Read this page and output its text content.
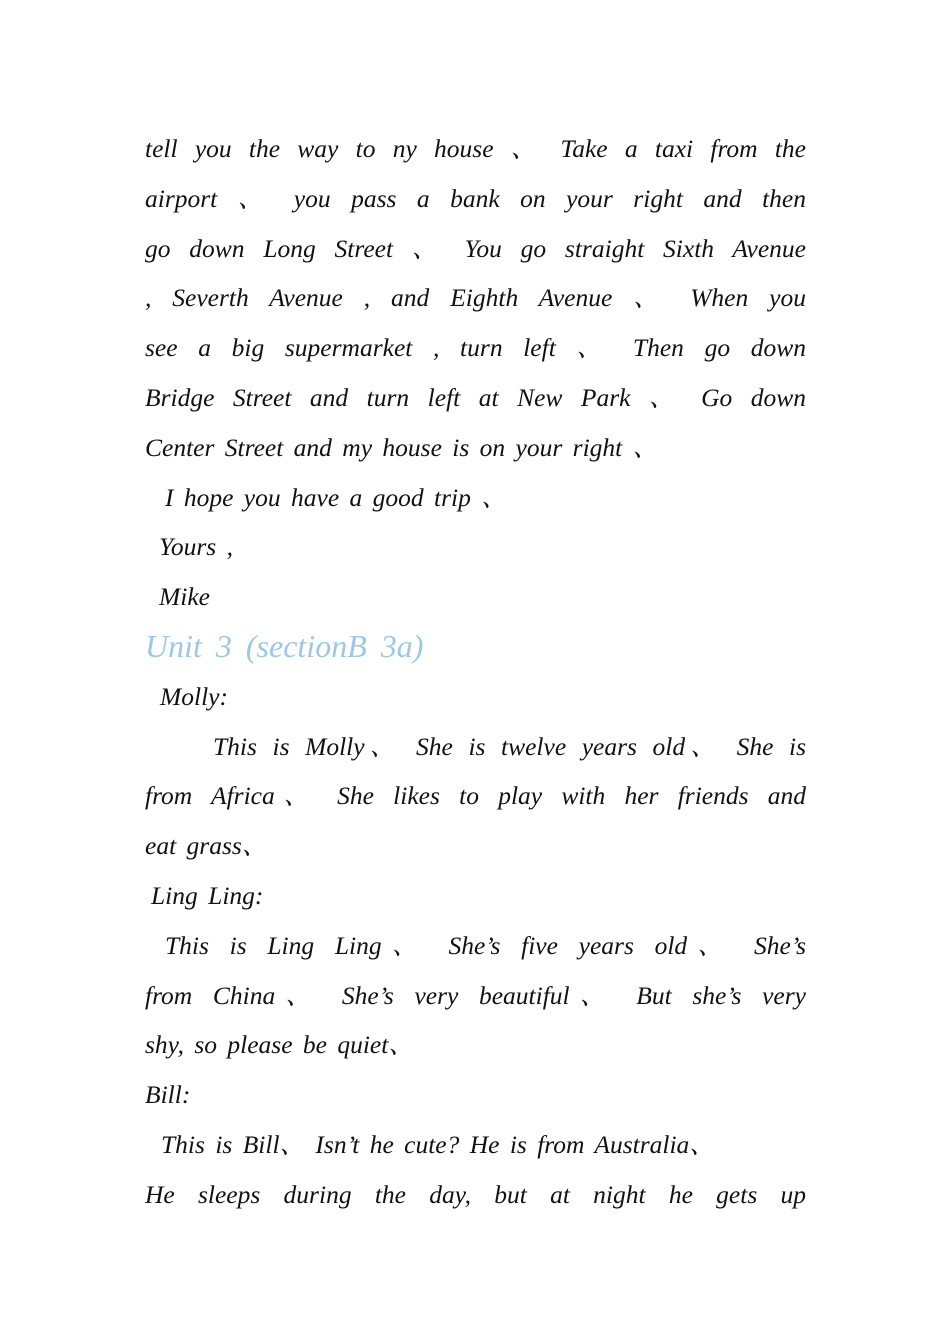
tell you the way to ny house 、 Take a taxi from the
airport 、 you pass a bank on your right and then
go down Long Street 、 You go straight Sixth Avenue
, Severth Avenue , and Eighth Avenue 、 When you
see a big supermarket , turn left 、 Then go down
Bridge Street and turn left at New Park 、 Go down
Center Street and my house is on your right 、
I hope you have a good trip 、
Yours ,
Mike
Unit 3 (sectionB 3a)
Molly:
This is Molly、 She is twelve years old、 She is
from Africa、 She likes to play with her friends and
eat grass、
Ling Ling:
This is Ling Ling、 She’s five years old、 She’s
from China、 She’s very beautiful、 But she’s very
shy, so please be quiet、
Bill:
This is Bill、 Isn’t he cute? He is from Australia、
He sleeps during the day, but at night he gets up
